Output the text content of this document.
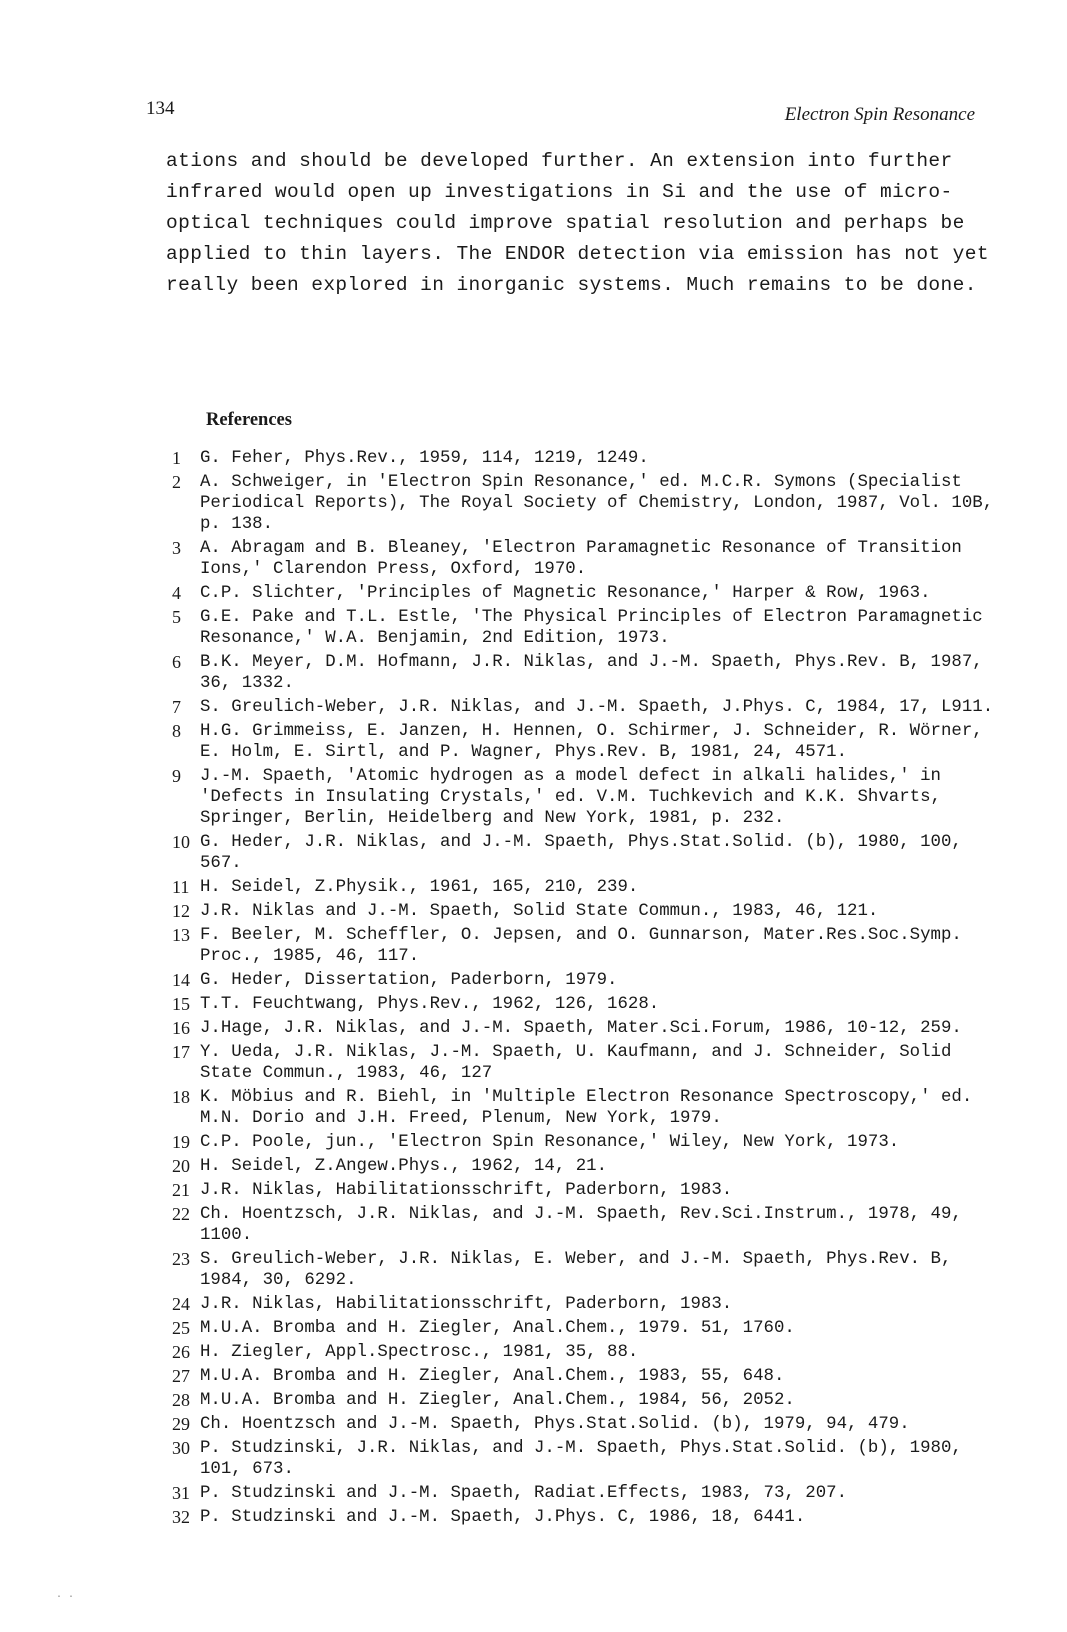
134	Electron Spin Resonance
ations and should be developed further. An extension into further
infrared would open up investigations in Si and the use of micro-
optical techniques could improve spatial resolution and perhaps be
applied to thin layers. The ENDOR detection via emission has not yet
really been explored in inorganic systems. Much remains to be done.
References
1	G. Feher, Phys.Rev., 1959, 114, 1219, 1249.
2	A. Schweiger, in 'Electron Spin Resonance,' ed. M.C.R. Symons (Specialist
Periodical Reports), The Royal Society of Chemistry, London, 1987, Vol. 10B,
p. 138.
3	A. Abragam and B. Bleaney, 'Electron Paramagnetic Resonance of Transition
Ions,' Clarendon Press, Oxford, 1970.
4	C.P. Slichter, 'Principles of Magnetic Resonance,' Harper & Row, 1963.
5	G.E. Pake and T.L. Estle, 'The Physical Principles of Electron Paramagnetic
Resonance,' W.A. Benjamin, 2nd Edition, 1973.
6	B.K. Meyer, D.M. Hofmann, J.R. Niklas, and J.-M. Spaeth, Phys.Rev. B, 1987,
36, 1332.
7	S. Greulich-Weber, J.R. Niklas, and J.-M. Spaeth, J.Phys. C, 1984, 17, L911.
8	H.G. Grimmeiss, E. Janzen, H. Hennen, O. Schirmer, J. Schneider, R. Wörner,
E. Holm, E. Sirtl, and P. Wagner, Phys.Rev. B, 1981, 24, 4571.
9	J.-M. Spaeth, 'Atomic hydrogen as a model defect in alkali halides,' in
'Defects in Insulating Crystals,' ed. V.M. Tuchkevich and K.K. Shvarts,
Springer, Berlin, Heidelberg and New York, 1981, p. 232.
10 G. Heder, J.R. Niklas, and J.-M. Spaeth, Phys.Stat.Solid. (b), 1980, 100,
567.
11 H. Seidel, Z.Physik., 1961, 165, 210, 239.
12 J.R. Niklas and J.-M. Spaeth, Solid State Commun., 1983, 46, 121.
13 F. Beeler, M. Scheffler, O. Jepsen, and O. Gunnarson, Mater.Res.Soc.Symp.
Proc., 1985, 46, 117.
14 G. Heder, Dissertation, Paderborn, 1979.
15 T.T. Feuchtwang, Phys.Rev., 1962, 126, 1628.
16 J.Hage, J.R. Niklas, and J.-M. Spaeth, Mater.Sci.Forum, 1986, 10-12, 259.
17 Y. Ueda, J.R. Niklas, J.-M. Spaeth, U. Kaufmann, and J. Schneider, Solid
State Commun., 1983, 46, 127
18 K. Möbius and R. Biehl, in 'Multiple Electron Resonance Spectroscopy,' ed.
M.N. Dorio and J.H. Freed, Plenum, New York, 1979.
19 C.P. Poole, jun., 'Electron Spin Resonance,' Wiley, New York, 1973.
20 H. Seidel, Z.Angew.Phys., 1962, 14, 21.
21 J.R. Niklas, Habilitationsschrift, Paderborn, 1983.
22 Ch. Hoentzsch, J.R. Niklas, and J.-M. Spaeth, Rev.Sci.Instrum., 1978, 49,
1100.
23 S. Greulich-Weber, J.R. Niklas, E. Weber, and J.-M. Spaeth, Phys.Rev. B,
1984, 30, 6292.
24 J.R. Niklas, Habilitationsschrift, Paderborn, 1983.
25 M.U.A. Bromba and H. Ziegler, Anal.Chem., 1979. 51, 1760.
26 H. Ziegler, Appl.Spectrosc., 1981, 35, 88.
27 M.U.A. Bromba and H. Ziegler, Anal.Chem., 1983, 55, 648.
28 M.U.A. Bromba and H. Ziegler, Anal.Chem., 1984, 56, 2052.
29 Ch. Hoentzsch and J.-M. Spaeth, Phys.Stat.Solid. (b), 1979, 94, 479.
30 P. Studzinski, J.R. Niklas, and J.-M. Spaeth, Phys.Stat.Solid. (b), 1980,
101, 673.
31 P. Studzinski and J.-M. Spaeth, Radiat.Effects, 1983, 73, 207.
32 P. Studzinski and J.-M. Spaeth, J.Phys. C, 1986, 18, 6441.
· ·
